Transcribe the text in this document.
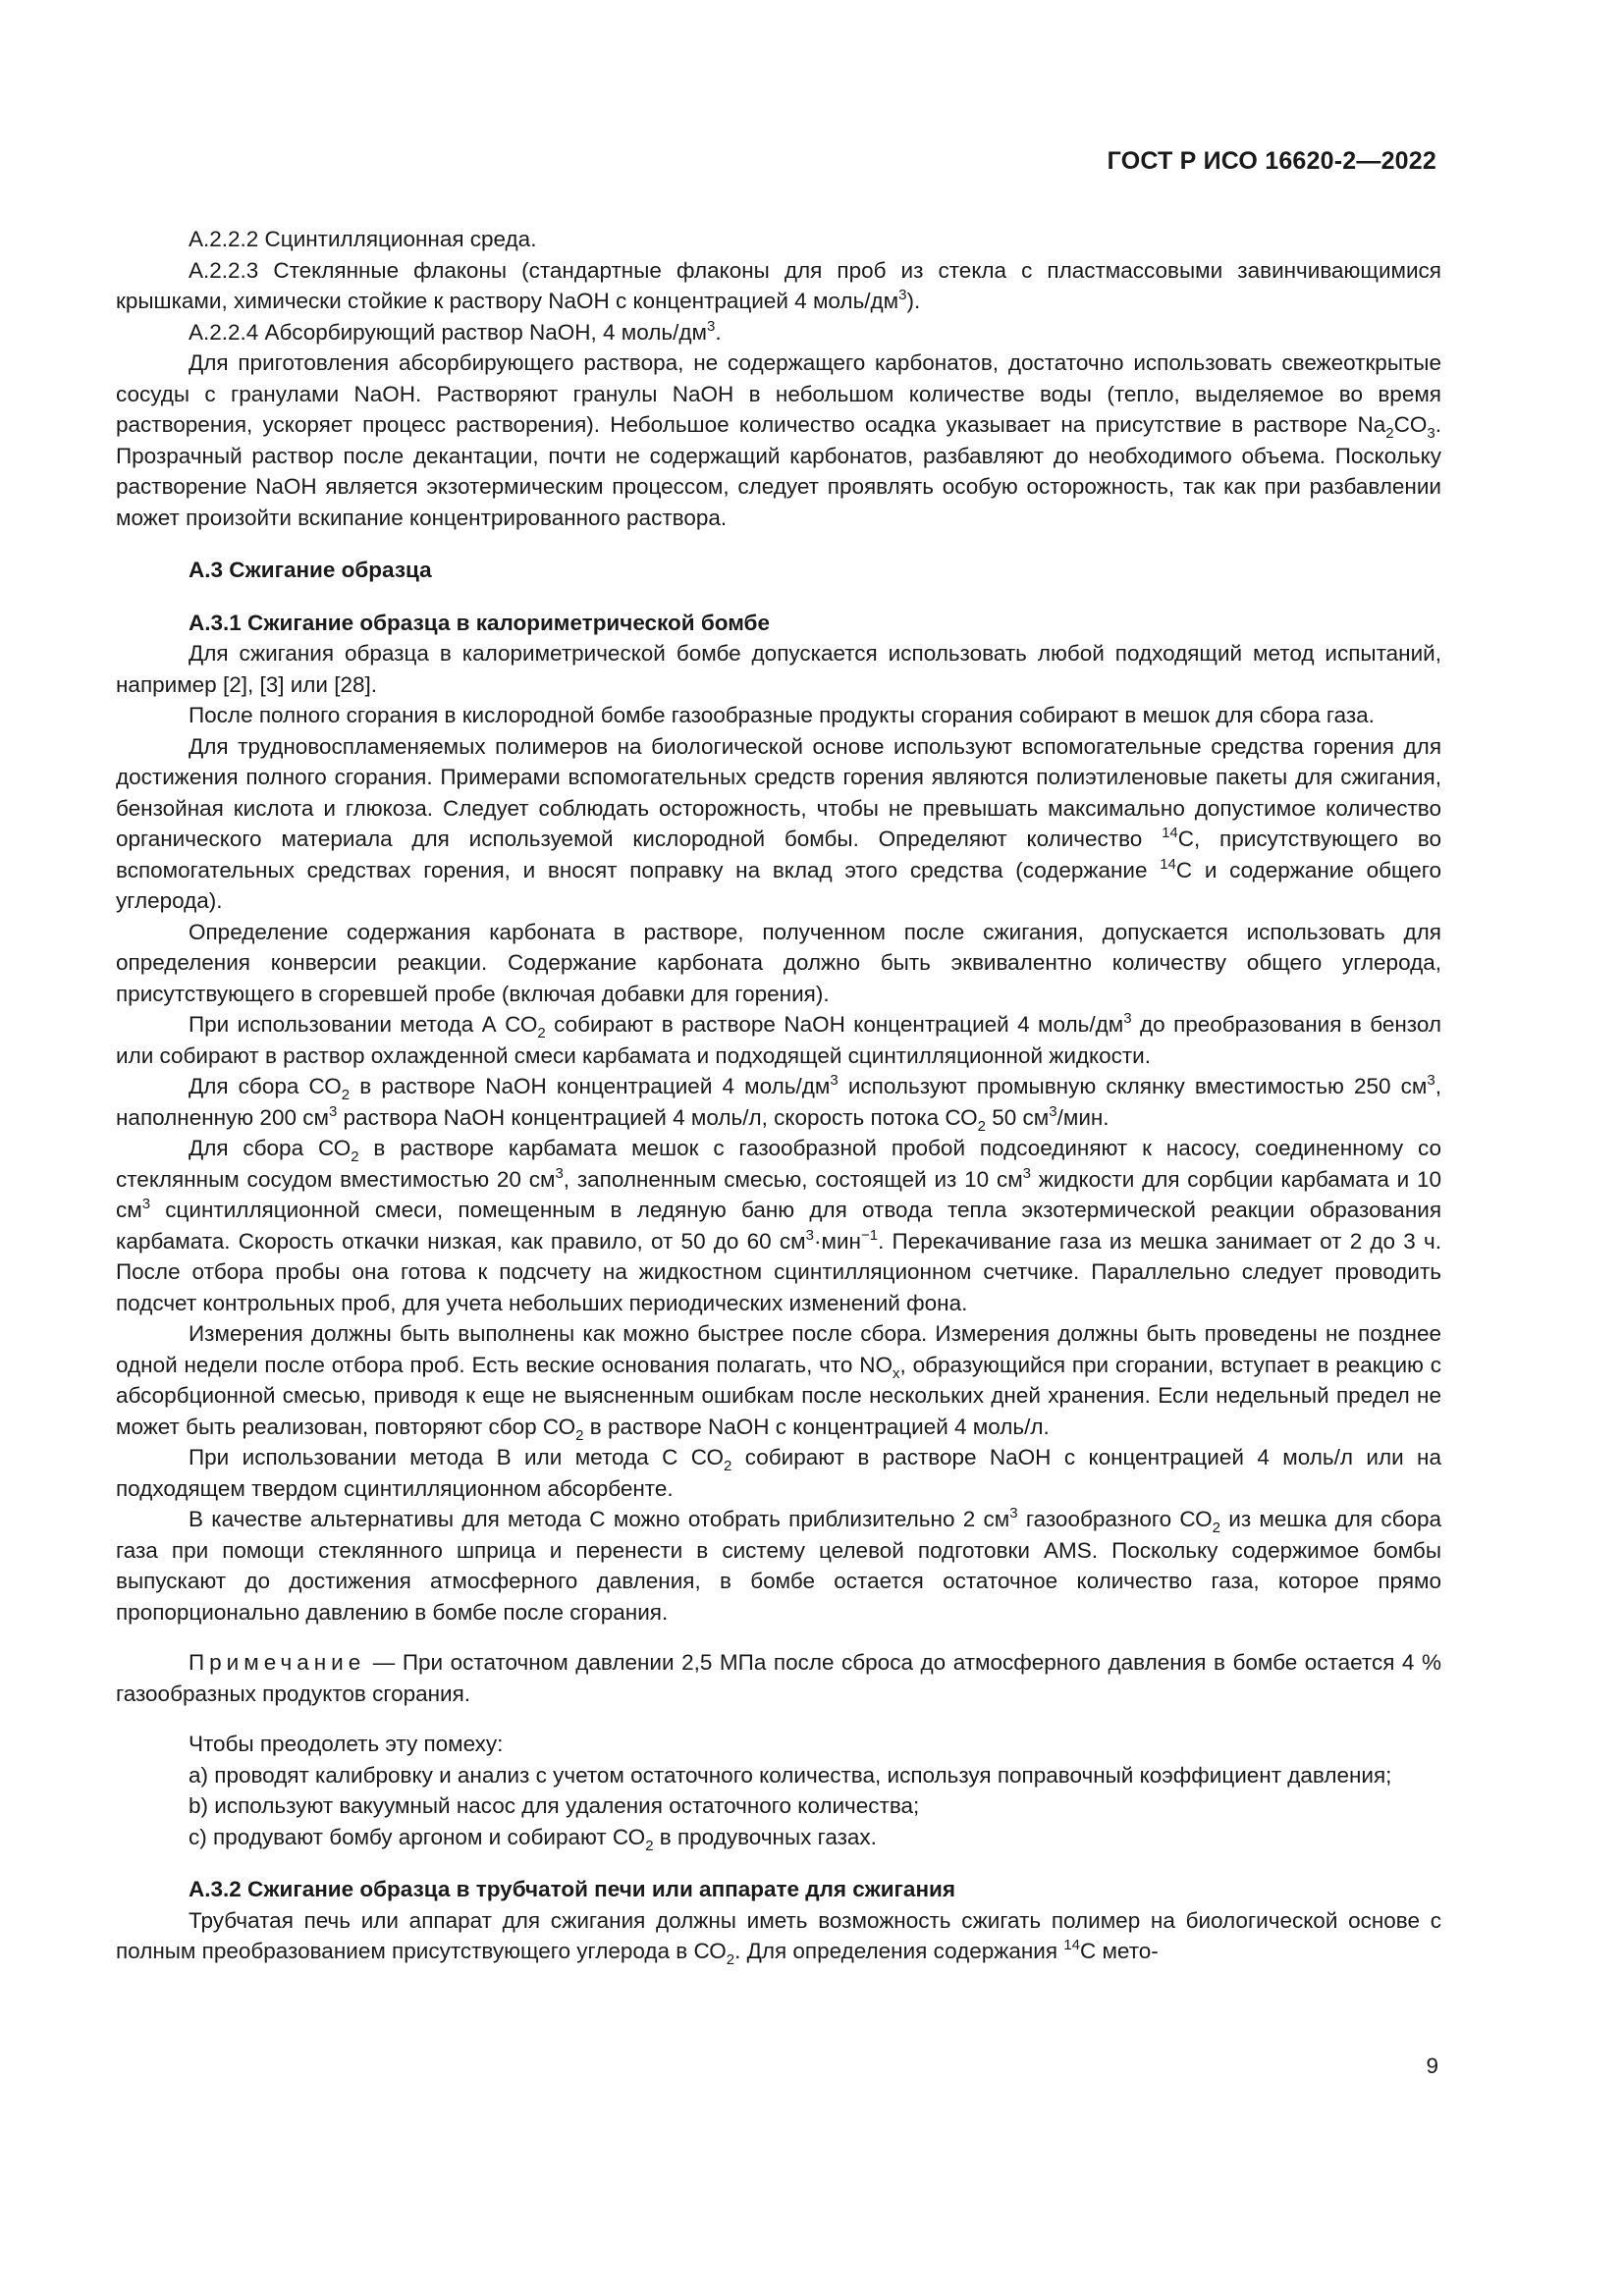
ГОСТ Р ИСО 16620-2—2022

А.2.2.2 Сцинтилляционная среда.

А.2.2.3 Стеклянные флаконы (стандартные флаконы для проб из стекла с пластмассовыми завинчивающимися крышками, химически стойкие к раствору NaOH с концентрацией 4 моль/$дм^3$).

А.2.2.4 Абсорбирующий раствор NaOH, 4 моль/$дм^3$.

Для приготовления абсорбирующего раствора, не содержащего карбонатов, достаточно использовать свежеоткрытые сосуды с гранулами NaOH. Растворяют гранулы NaOH в небольшом количестве воды (тепло, выделяемое во время растворения, ускоряет процесс растворения). Небольшое количество осадка указывает на присутствие в растворе $Na_2CO_3$. Прозрачный раствор после декантации, почти не содержащий карбонатов, разбавляют до необходимого объема. Поскольку растворение NaOH является экзотермическим процессом, следует проявлять особую осторожность, так как при разбавлении может произойти вскипание концентрированного раствора.

А.3 Сжигание образца
А.3.1 Сжигание образца в калориметрической бомбе

Для сжигания образца в калориметрической бомбе допускается использовать любой подходящий метод испытаний, например [2], [3] или [28].

После полного сгорания в кислородной бомбе газообразные продукты сгорания собирают в мешок для сбора газа.

Для трудновоспламеняемых полимеров на биологической основе используют вспомогательные средства горения для достижения полного сгорания. Примерами вспомогательных средств горения являются полиэтиленовые пакеты для сжигания, бензойная кислота и глюкоза. Следует соблюдать осторожность, чтобы не превышать максимально допустимое количество органического материала для используемой кислородной бомбы. Определяют количество $^{14}$С, присутствующего во вспомогательных средствах горения, и вносят поправку на вклад этого средства (содержание $^{14}$С и содержание общего углерода).

Определение содержания карбоната в растворе, полученном после сжигания, допускается использовать для определения конверсии реакции. Содержание карбоната должно быть эквивалентно количеству общего углерода, присутствующего в сгоревшей пробе (включая добавки для горения).

При использовании метода А $СО_2$ собирают в растворе NaOH концентрацией 4 моль/$дм^3$ до преобразования в бензол или собирают в раствор охлажденной смеси карбамата и подходящей сцинтилляционной жидкости.

Для сбора $СО_2$ в растворе NaOH концентрацией 4 моль/$дм^3$ используют промывную склянку вместимостью 250 $см^3$, наполненную 200 $см^3$ раствора NaOH концентрацией 4 моль/л, скорость потока $СО_2$ 50 $см^3$/мин.

Для сбора $СО_2$ в растворе карбамата мешок с газообразной пробой подсоединяют к насосу, соединенному со стеклянным сосудом вместимостью 20 $см^3$, заполненным смесью, состоящей из 10 $см^3$ жидкости для сорбции карбамата и 10 $см^3$ сцинтилляционной смеси, помещенным в ледяную баню для отвода тепла экзотермической реакции образования карбамата. Скорость откачки низкая, как правило, от 50 до 60 $см^3\cdot мин^{-1}$. Перекачивание газа из мешка занимает от 2 до 3 ч. После отбора пробы она готова к подсчету на жидкостном сцинтилляционном счетчике. Параллельно следует проводить подсчет контрольных проб, для учета небольших периодических изменений фона.

Измерения должны быть выполнены как можно быстрее после сбора. Измерения должны быть проведены не позднее одной недели после отбора проб. Есть веские основания полагать, что $NO_x$, образующийся при сгорании, вступает в реакцию с абсорбционной смесью, приводя к еще не выясненным ошибкам после нескольких дней хранения. Если недельный предел не может быть реализован, повторяют сбор $СО_2$ в растворе NaOH с концентрацией 4 моль/л.

При использовании метода В или метода С $СО_2$ собирают в растворе NaOH с концентрацией 4 моль/л или на подходящем твердом сцинтилляционном абсорбенте.

В качестве альтернативы для метода С можно отобрать приблизительно 2 $см^3$ газообразного $СО_2$ из мешка для сбора газа при помощи стеклянного шприца и перенести в систему целевой подготовки AMS. Поскольку содержимое бомбы выпускают до достижения атмосферного давления, в бомбе остается остаточное количество газа, которое прямо пропорционально давлению в бомбе после сгорания.

Примечание — При остаточном давлении 2,5 МПа после сброса до атмосферного давления в бомбе остается 4 % газообразных продуктов сгорания.

Чтобы преодолеть эту помеху:

а) проводят калибровку и анализ с учетом остаточного количества, используя поправочный коэффициент давления;

b) используют вакуумный насос для удаления остаточного количества;

с) продувают бомбу аргоном и собирают $СО_2$ в продувочных газах.

А.3.2 Сжигание образца в трубчатой печи или аппарате для сжигания

Трубчатая печь или аппарат для сжигания должны иметь возможность сжигать полимер на биологической основе с полным преобразованием присутствующего углерода в $СО_2$. Для определения содержания $^{14}$С мето-

9
